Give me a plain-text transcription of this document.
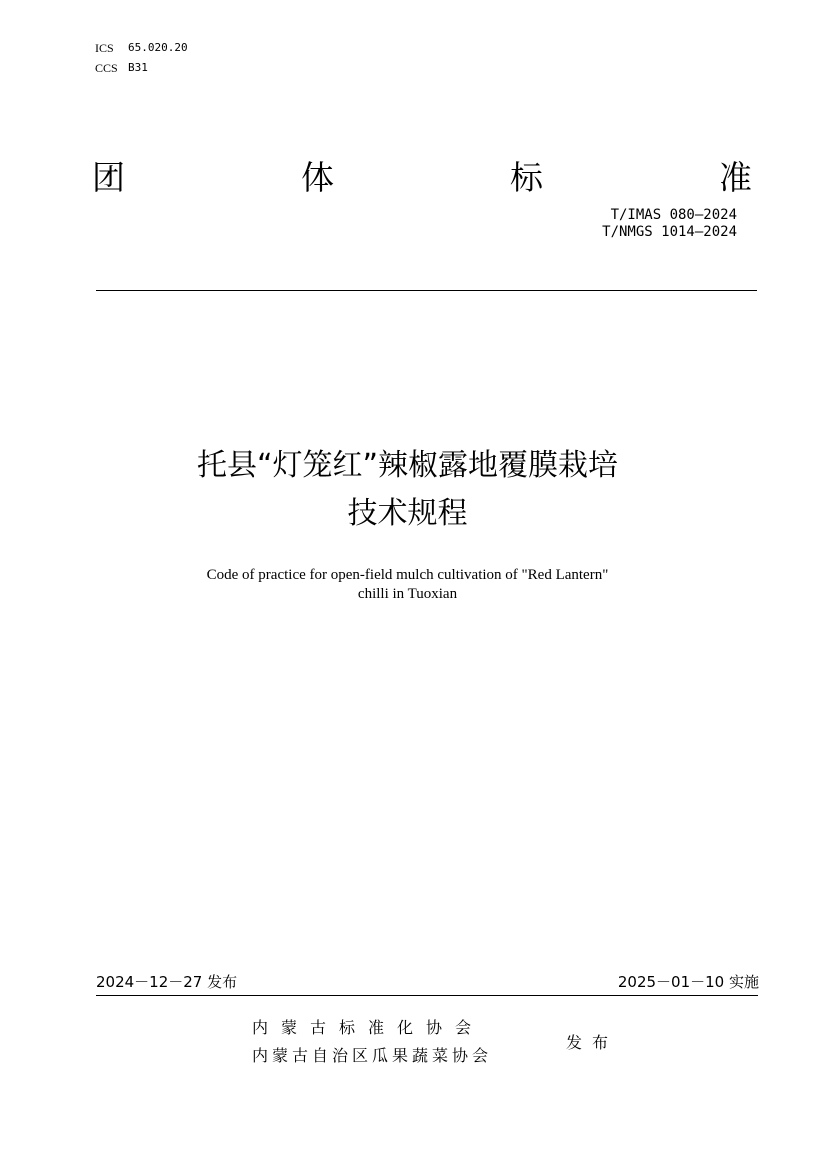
ICS	65.020.20
CCS B31
团	体	标	准
T/IMAS 080—2024
T/NMGS 1014—2024
托县“灯笼红”辣椒露地覆膜栽培
技术规程
Code of practice for open-field mulch cultivation of "Red Lantern"
chilli in Tuoxian
2024－12－27 发布	2025－01－10 实施
内蒙古标准化协会
内蒙古自治区瓜果蔬菜协会
发布
